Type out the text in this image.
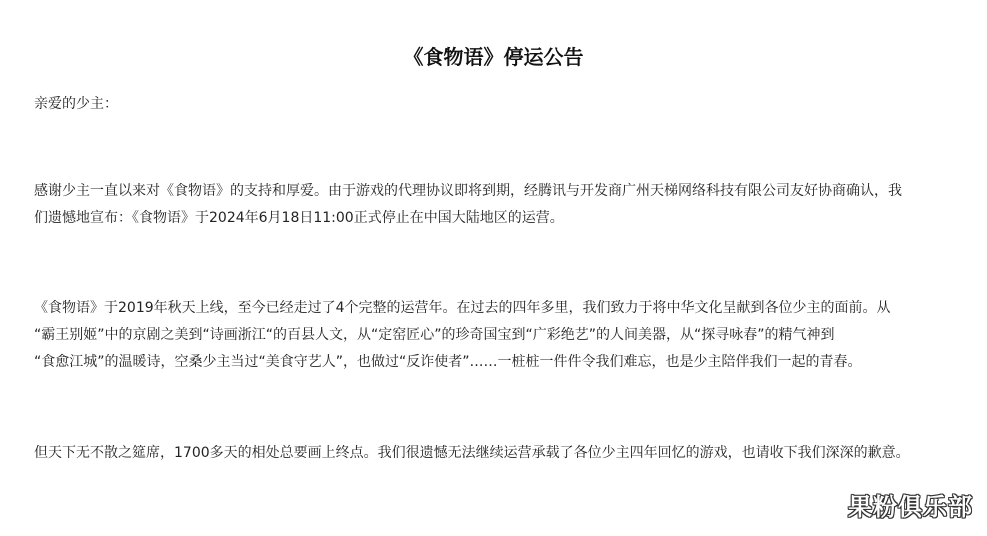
《食物语》停运公告
亲爱的少主：
感谢少主一直以来对《食物语》的支持和厚爱。由于游戏的代理协议即将到期，经腾讯与开发商广州天梯网络科技有限公司友好协商确认，我
们遗憾地宣布：《食物语》于2024年6月18日11:00正式停止在中国大陆地区的运营。
《食物语》于2019年秋天上线，至今已经走过了4个完整的运营年。在过去的四年多里，我们致力于将中华文化呈献到各位少主的面前。从
“霸王别姬”中的京剧之美到“诗画浙江“的百县人文，从“定窑匠心”的珍奇国宝到“广彩绝艺”的人间美器，从“探寻咏春”的精气神到
“食愈江城”的温暖诗，空桑少主当过“美食守艺人”，也做过“反诈使者”……一桩桩一件件令我们难忘，也是少主陪伴我们一起的青春。
但天下无不散之筵席，1700多天的相处总要画上终点。我们很遗憾无法继续运营承载了各位少主四年回忆的游戏，也请收下我们深深的歉意。
果粉俱乐部
